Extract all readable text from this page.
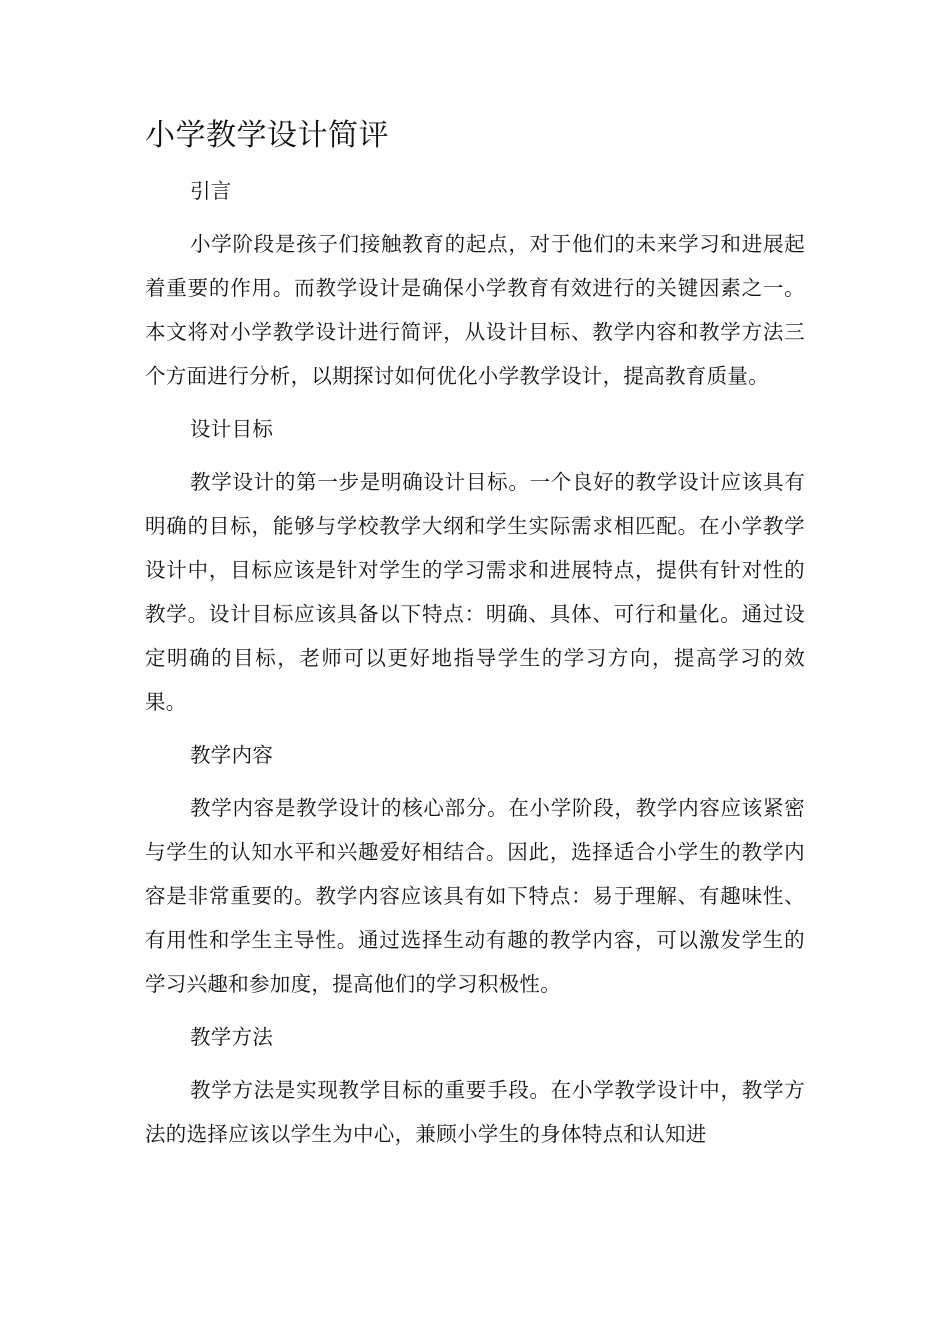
小学教学设计简评
引言
小学阶段是孩子们接触教育的起点，对于他们的未来学习和进展起着重要的作用。而教学设计是确保小学教育有效进行的关键因素之一。本文将对小学教学设计进行简评，从设计目标、教学内容和教学方法三个方面进行分析，以期探讨如何优化小学教学设计，提高教育质量。
设计目标
教学设计的第一步是明确设计目标。一个良好的教学设计应该具有明确的目标，能够与学校教学大纲和学生实际需求相匹配。在小学教学设计中，目标应该是针对学生的学习需求和进展特点，提供有针对性的教学。设计目标应该具备以下特点：明确、具体、可行和量化。通过设定明确的目标，老师可以更好地指导学生的学习方向，提高学习的效果。
教学内容
教学内容是教学设计的核心部分。在小学阶段，教学内容应该紧密与学生的认知水平和兴趣爱好相结合。因此，选择适合小学生的教学内容是非常重要的。教学内容应该具有如下特点：易于理解、有趣味性、有用性和学生主导性。通过选择生动有趣的教学内容，可以激发学生的学习兴趣和参加度，提高他们的学习积极性。
教学方法
教学方法是实现教学目标的重要手段。在小学教学设计中，教学方法的选择应该以学生为中心，兼顾小学生的身体特点和认知进
